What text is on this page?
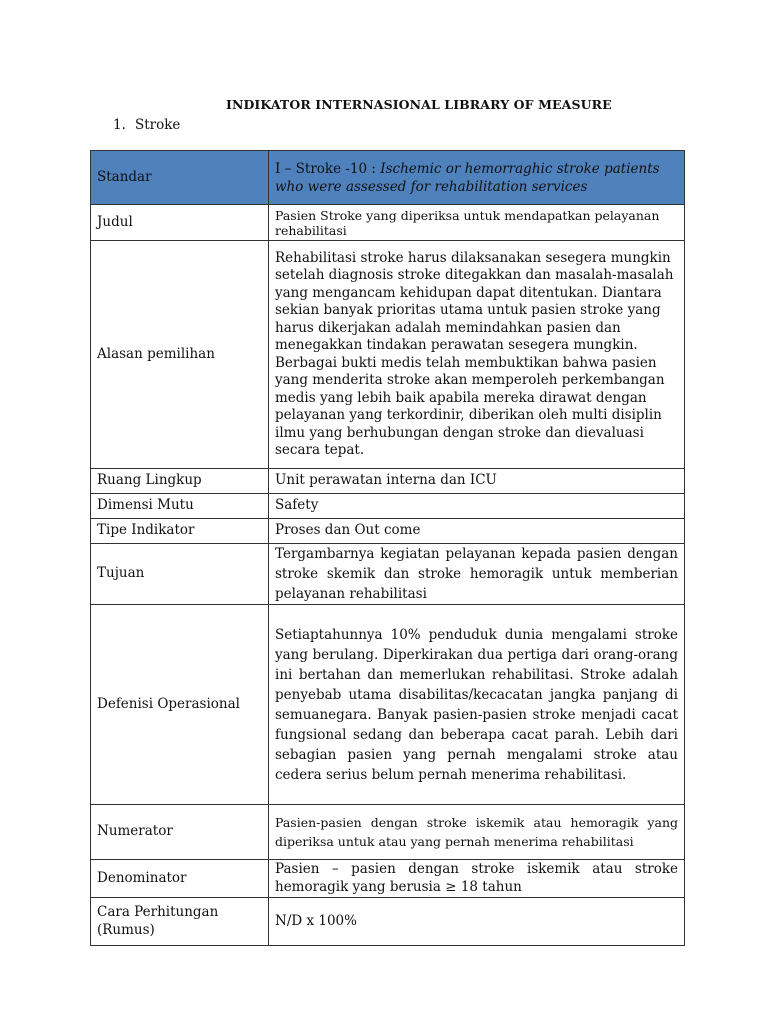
INDIKATOR INTERNASIONAL LIBRARY OF MEASURE
1. Stroke
Standar	I – Stroke -10 : Ischemic or hemorraghic stroke patients who were assessed for rehabilitation services
Judul	Pasien Stroke yang diperiksa untuk mendapatkan pelayanan rehabilitasi
Alasan pemilihan	Rehabilitasi stroke harus dilaksanakan sesegera mungkin setelah diagnosis stroke ditegakkan dan masalah-masalah yang mengancam kehidupan dapat ditentukan. Diantara sekian banyak prioritas utama untuk pasien stroke yang harus dikerjakan adalah memindahkan pasien dan menegakkan tindakan perawatan sesegera mungkin. Berbagai bukti medis telah membuktikan bahwa pasien yang menderita stroke akan memperoleh perkembangan medis yang lebih baik apabila mereka dirawat dengan pelayanan yang terkordinir, diberikan oleh multi disiplin ilmu yang berhubungan dengan stroke dan dievaluasi secara tepat.
Ruang Lingkup	Unit perawatan interna dan ICU
Dimensi Mutu	Safety
Tipe Indikator	Proses dan Out come
Tujuan	Tergambarnya kegiatan pelayanan kepada pasien dengan stroke skemik dan stroke hemoragik untuk memberian pelayanan rehabilitasi
Defenisi Operasional	Setiaptahunnya 10% penduduk dunia mengalami stroke yang berulang. Diperkirakan dua pertiga dari orang-orang ini bertahan dan memerlukan rehabilitasi. Stroke adalah penyebab utama disabilitas/kecacatan jangka panjang di semuanegara. Banyak pasien-pasien stroke menjadi cacat fungsional sedang dan beberapa cacat parah. Lebih dari sebagian pasien yang pernah mengalami stroke atau cedera serius belum pernah menerima rehabilitasi.
Numerator	Pasien-pasien dengan stroke iskemik atau hemoragik yang diperiksa untuk atau yang pernah menerima rehabilitasi
Denominator	Pasien – pasien dengan stroke iskemik atau stroke hemoragik yang berusia ≥ 18 tahun
Cara Perhitungan (Rumus)	N/D x 100%
